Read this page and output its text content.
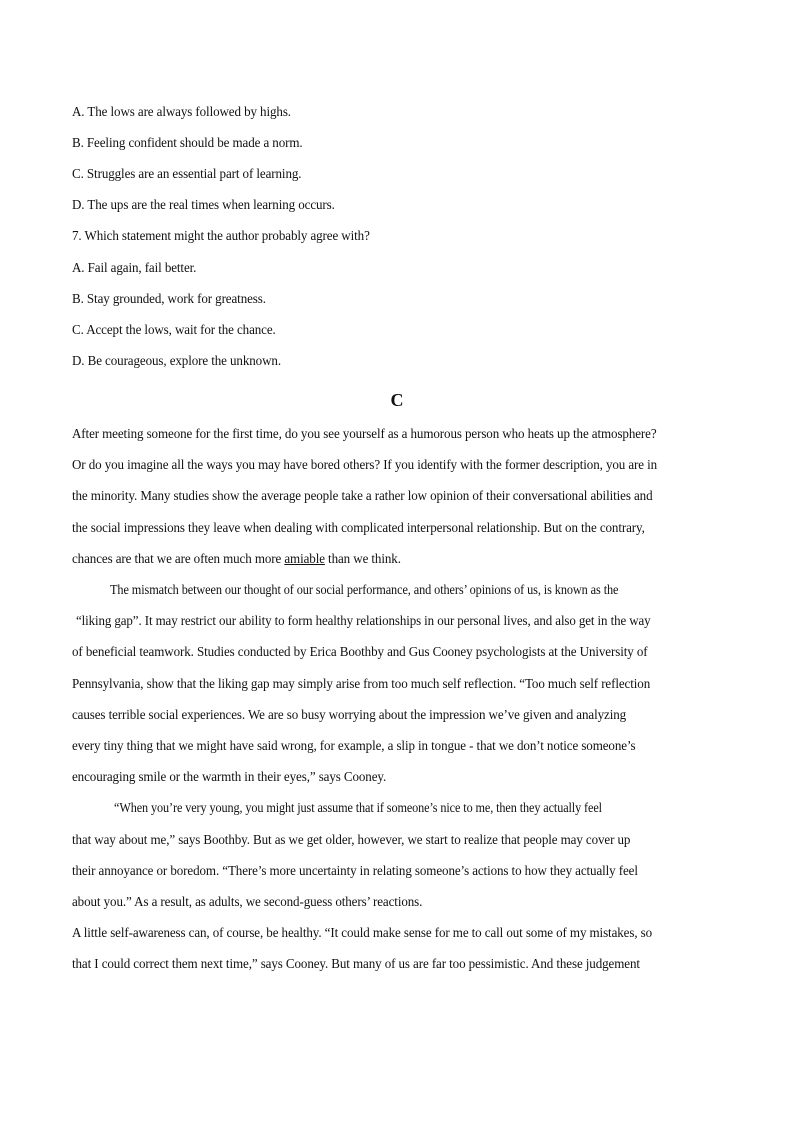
A. The lows are always followed by highs.
B. Feeling confident should be made a norm.
C. Struggles are an essential part of learning.
D. The ups are the real times when learning occurs.
7. Which statement might the author probably agree with?
A. Fail again, fail better.
B. Stay grounded, work for greatness.
C. Accept the lows, wait for the chance.
D. Be courageous, explore the unknown.
C
After meeting someone for the first time, do you see yourself as a humorous person who heats up the atmosphere?
Or do you imagine all the ways you may have bored others? If you identify with the former description, you are in
the minority. Many studies show the average people take a rather low opinion of their conversational abilities and
the social impressions they leave when dealing with complicated interpersonal relationship. But on the contrary,
chances are that we are often much more amiable than we think.
The mismatch between our thought of our social performance, and others’ opinions of us, is known as the
“liking gap”. It may restrict our ability to form healthy relationships in our personal lives, and also get in the way
of beneficial teamwork. Studies conducted by Erica Boothby and Gus Cooney psychologists at the University of
Pennsylvania, show that the liking gap may simply arise from too much self reflection. “Too much self reflection
causes terrible social experiences. We are so busy worrying about the impression we’ve given and analyzing
every tiny thing that we might have said wrong, for example, a slip in tongue - that we don’t notice someone’s
encouraging smile or the warmth in their eyes,” says Cooney.
“When you’re very young, you might just assume that if someone’s nice to me, then they actually feel
that way about me,” says Boothby. But as we get older, however, we start to realize that people may cover up
their annoyance or boredom. “There’s more uncertainty in relating someone’s actions to how they actually feel
about you.” As a result, as adults, we second-guess others’ reactions.
A little self-awareness can, of course, be healthy. “It could make sense for me to call out some of my mistakes, so
that I could correct them next time,” says Cooney. But many of us are far too pessimistic. And these judgement
